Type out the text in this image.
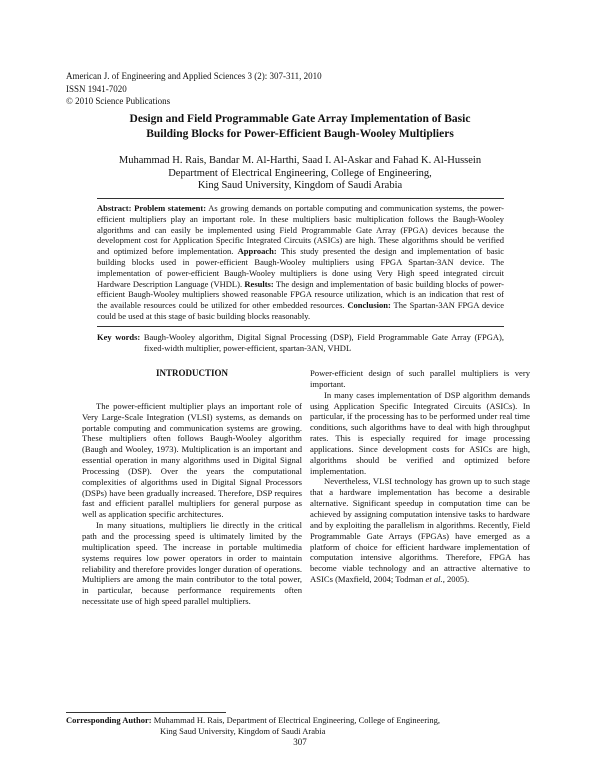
American J. of Engineering and Applied Sciences 3 (2): 307-311, 2010
ISSN 1941-7020
© 2010 Science Publications
Design and Field Programmable Gate Array Implementation of Basic
Building Blocks for Power-Efficient Baugh-Wooley Multipliers
Muhammad H. Rais, Bandar M. Al-Harthi, Saad I. Al-Askar and Fahad K. Al-Hussein
Department of Electrical Engineering, College of Engineering,
King Saud University, Kingdom of Saudi Arabia
Abstract: Problem statement: As growing demands on portable computing and communication systems, the power-efficient multipliers play an important role. In these multipliers basic multiplication follows the Baugh-Wooley algorithms and can easily be implemented using Field Programmable Gate Array (FPGA) devices because the development cost for Application Specific Integrated Circuits (ASICs) are high. These algorithms should be verified and optimized before implementation. Approach: This study presented the design and implementation of basic building blocks used in power-efficient Baugh-Wooley multipliers using FPGA Spartan-3AN device. The implementation of power-efficient Baugh-Wooley multipliers is done using Very High speed integrated circuit Hardware Description Language (VHDL). Results: The design and implementation of basic building blocks of power-efficient Baugh-Wooley multipliers showed reasonable FPGA resource utilization, which is an indication that rest of the available resources could be utilized for other embedded resources. Conclusion: The Spartan-3AN FPGA device could be used at this stage of basic building blocks reasonably.
Key words: Baugh-Wooley algorithm, Digital Signal Processing (DSP), Field Programmable Gate Array (FPGA), fixed-width multiplier, power-efficient, spartan-3AN, VHDL
INTRODUCTION

The power-efficient multiplier plays an important role of Very Large-Scale Integration (VLSI) systems, as demands on portable computing and communication systems are growing. These multipliers often follows Baugh-Wooley algorithm (Baugh and Wooley, 1973). Multiplication is an important and essential operation in many algorithms used in Digital Signal Processing (DSP). Over the years the computational complexities of algorithms used in Digital Signal Processors (DSPs) have been gradually increased. Therefore, DSP requires fast and efficient parallel multipliers for general purpose as well as application specific architectures.

In many situations, multipliers lie directly in the critical path and the processing speed is ultimately limited by the multiplication speed. The increase in portable multimedia systems requires low power operators in order to maintain reliability and therefore provides longer duration of operations. Multipliers are among the main contributor to the total power, in particular, because performance requirements often necessitate use of high speed parallel multipliers.

Power-efficient design of such parallel multipliers is very important.

In many cases implementation of DSP algorithm demands using Application Specific Integrated Circuits (ASICs). In particular, if the processing has to be performed under real time conditions, such algorithms have to deal with high throughput rates. This is especially required for image processing applications. Since development costs for ASICs are high, algorithms should be verified and optimized before implementation.

Nevertheless, VLSI technology has grown up to such stage that a hardware implementation has become a desirable alternative. Significant speedup in computation time can be achieved by assigning computation intensive tasks to hardware and by exploiting the parallelism in algorithms. Recently, Field Programmable Gate Arrays (FPGAs) have emerged as a platform of choice for efficient hardware implementation of computation intensive algorithms. Therefore, FPGA has become viable technology and an attractive alternative to ASICs (Maxfield, 2004; Todman et al., 2005).

Corresponding Author: Muhammad H. Rais, Department of Electrical Engineering, College of Engineering,
King Saud University, Kingdom of Saudi Arabia
307
